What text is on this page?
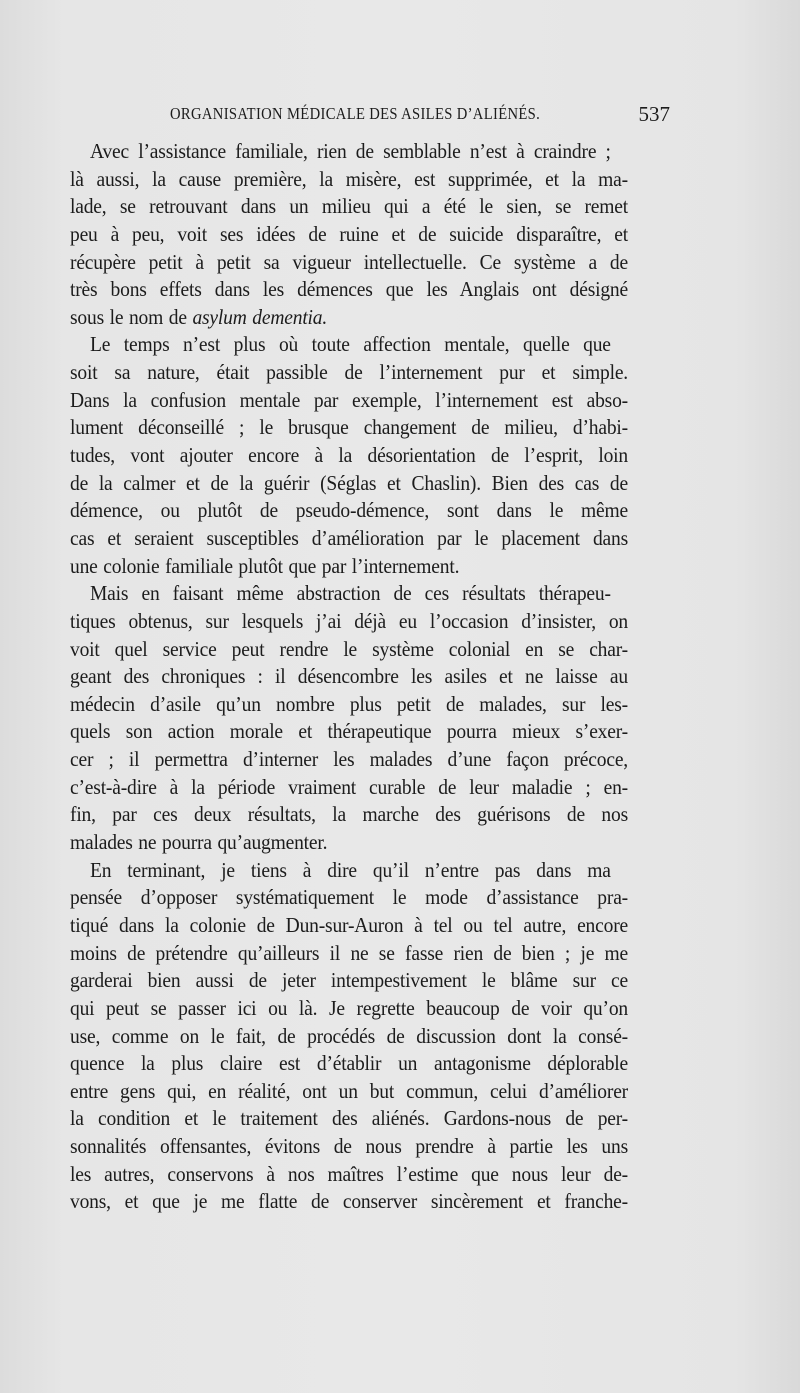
ORGANISATION MÉDICALE DES ASILES D’ALIÉNÉS.	537
Avec l’assistance familiale, rien de semblable n’est à craindre ;
là aussi, la cause première, la misère, est supprimée, et la ma-
lade, se retrouvant dans un milieu qui a été le sien, se remet
peu à peu, voit ses idées de ruine et de suicide disparaître, et
récupère petit à petit sa vigueur intellectuelle. Ce système a de
très bons effets dans les démences que les Anglais ont désigné
sous le nom de asylum dementia.
Le temps n’est plus où toute affection mentale, quelle que
soit sa nature, était passible de l’internement pur et simple.
Dans la confusion mentale par exemple, l’internement est abso-
lument déconseillé ; le brusque changement de milieu, d’habi-
tudes, vont ajouter encore à la désorientation de l’esprit, loin
de la calmer et de la guérir (Séglas et Chaslin). Bien des cas de
démence, ou plutôt de pseudo-démence, sont dans le même
cas et seraient susceptibles d’amélioration par le placement dans
une colonie familiale plutôt que par l’internement.
Mais en faisant même abstraction de ces résultats thérapeu-
tiques obtenus, sur lesquels j’ai déjà eu l’occasion d’insister, on
voit quel service peut rendre le système colonial en se char-
geant des chroniques : il désencombre les asiles et ne laisse au
médecin d’asile qu’un nombre plus petit de malades, sur les-
quels son action morale et thérapeutique pourra mieux s’exer-
cer ; il permettra d’interner les malades d’une façon précoce,
c’est-à-dire à la période vraiment curable de leur maladie ; en-
fin, par ces deux résultats, la marche des guérisons de nos
malades ne pourra qu’augmenter.
En terminant, je tiens à dire qu’il n’entre pas dans ma
pensée d’opposer systématiquement le mode d’assistance pra-
tiqué dans la colonie de Dun-sur-Auron à tel ou tel autre, encore
moins de prétendre qu’ailleurs il ne se fasse rien de bien ; je me
garderai bien aussi de jeter intempestivement le blâme sur ce
qui peut se passer ici ou là. Je regrette beaucoup de voir qu’on
use, comme on le fait, de procédés de discussion dont la consé-
quence la plus claire est d’établir un antagonisme déplorable
entre gens qui, en réalité, ont un but commun, celui d’améliorer
la condition et le traitement des aliénés. Gardons-nous de per-
sonnalités offensantes, évitons de nous prendre à partie les uns
les autres, conservons à nos maîtres l’estime que nous leur de-
vons, et que je me flatte de conserver sincèrement et franche-
